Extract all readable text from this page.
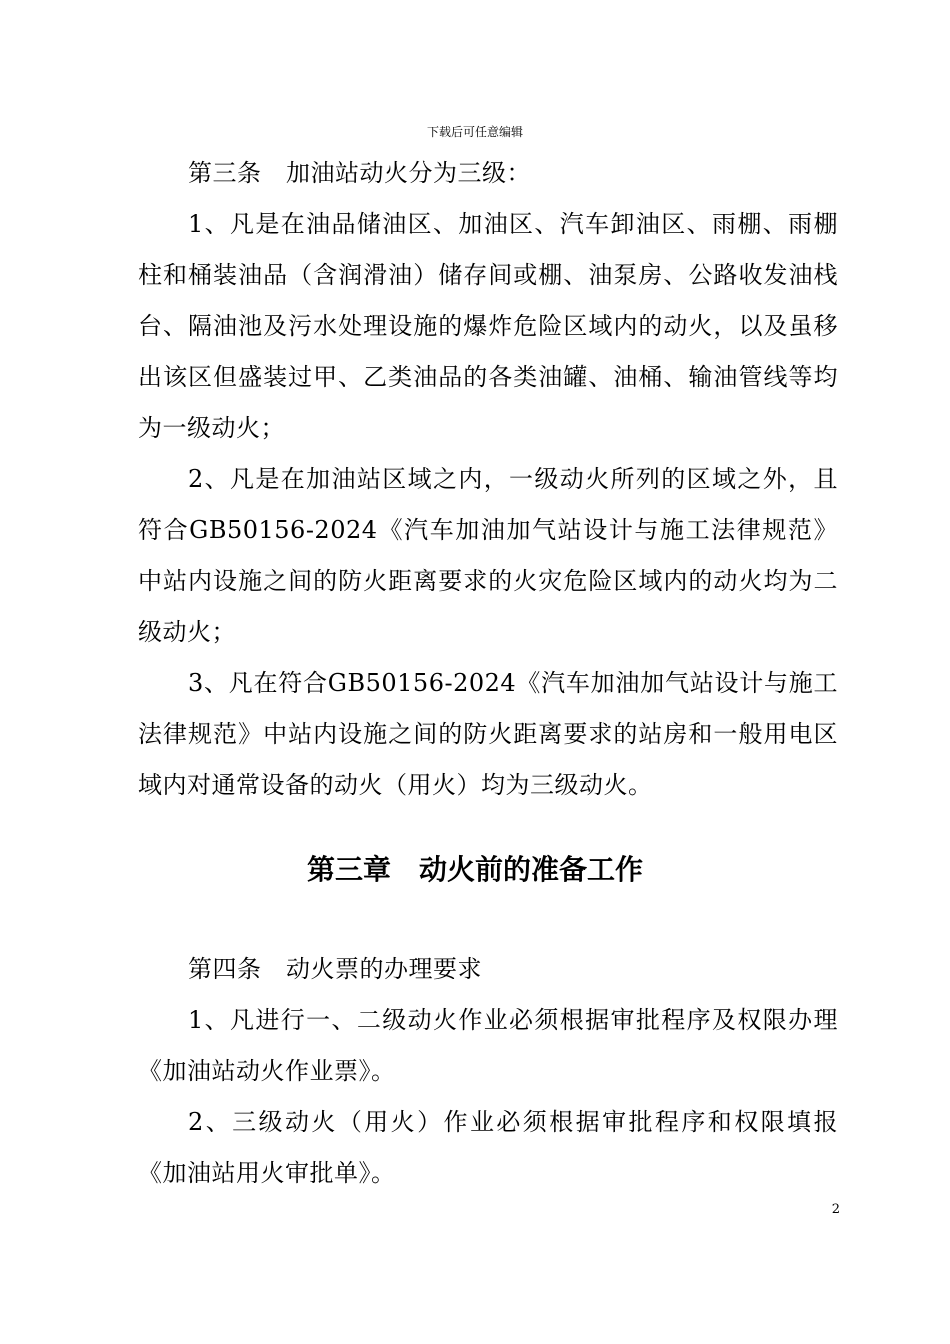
下载后可任意编辑

第三条　加油站动火分为三级：

1、凡是在油品储油区、加油区、汽车卸油区、雨棚、雨棚柱和桶装油品（含润滑油）储存间或棚、油泵房、公路收发油栈台、隔油池及污水处理设施的爆炸危险区域内的动火，以及虽移出该区但盛装过甲、乙类油品的各类油罐、油桶、输油管线等均为一级动火；

2、凡是在加油站区域之内，一级动火所列的区域之外，且符合GB50156-2024《汽车加油加气站设计与施工法律规范》中站内设施之间的防火距离要求的火灾危险区域内的动火均为二级动火；

3、凡在符合GB50156-2024《汽车加油加气站设计与施工法律规范》中站内设施之间的防火距离要求的站房和一般用电区域内对通常设备的动火（用火）均为三级动火。

第三章　动火前的准备工作

第四条　动火票的办理要求

1、凡进行一、二级动火作业必须根据审批程序及权限办理《加油站动火作业票》。

2、三级动火（用火）作业必须根据审批程序和权限填报《加油站用火审批单》。

2
